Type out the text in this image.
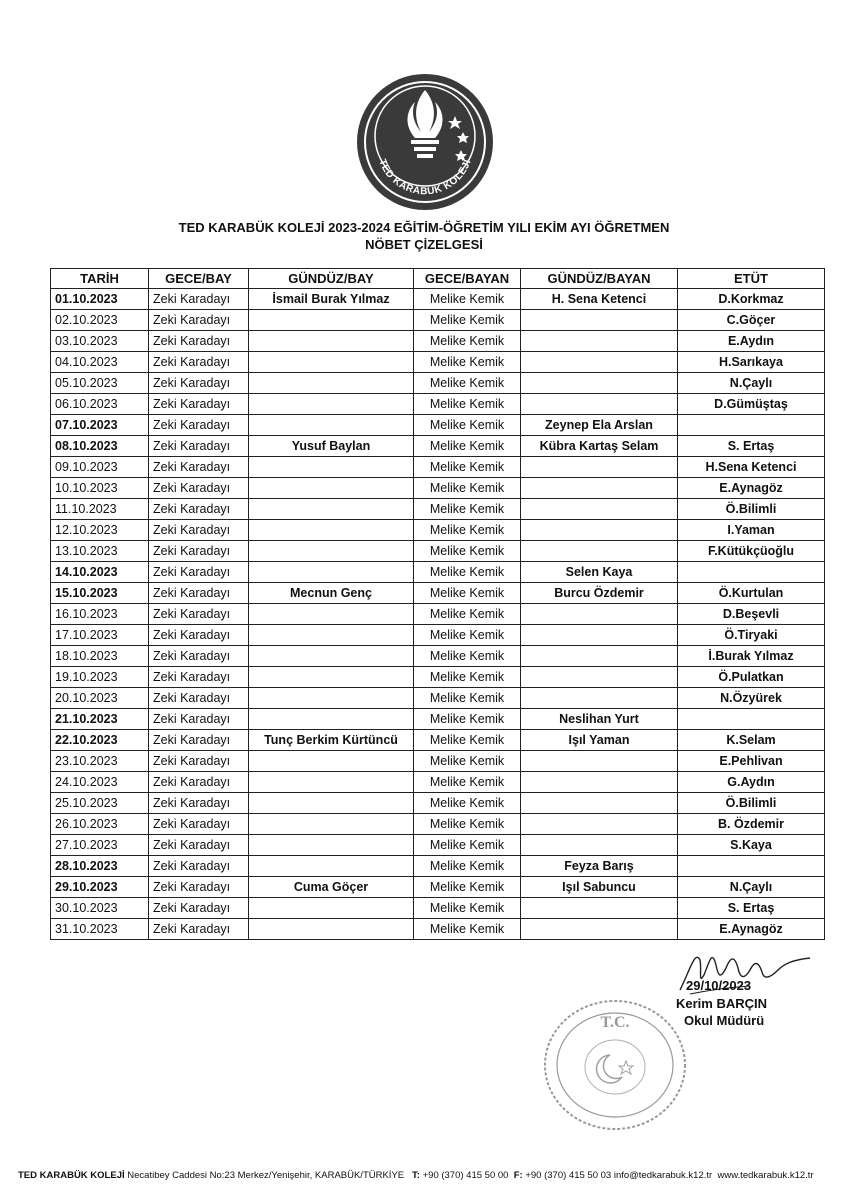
TED KARABÜK KOLEJİ
TED KARABÜK KOLEJİ 2023-2024 EĞİTİM-ÖĞRETİM YILI EKİM AYI ÖĞRETMEN
NÖBET ÇİZELGESİ
TARİH	GECE/BAY	GÜNDÜZ/BAY	GECE/BAYAN	GÜNDÜZ/BAYAN	ETÜT
01.10.2023	Zeki Karadayı	İsmail Burak Yılmaz	Melike Kemik	H. Sena Ketenci	D.Korkmaz
02.10.2023	Zeki Karadayı		Melike Kemik		C.Göçer
03.10.2023	Zeki Karadayı		Melike Kemik		E.Aydın
04.10.2023	Zeki Karadayı		Melike Kemik		H.Sarıkaya
05.10.2023	Zeki Karadayı		Melike Kemik		N.Çaylı
06.10.2023	Zeki Karadayı		Melike Kemik		D.Gümüştaş
07.10.2023	Zeki Karadayı		Melike Kemik	Zeynep Ela Arslan	
08.10.2023	Zeki Karadayı	Yusuf Baylan	Melike Kemik	Kübra Kartaş Selam	S. Ertaş
09.10.2023	Zeki Karadayı		Melike Kemik		H.Sena Ketenci
10.10.2023	Zeki Karadayı		Melike Kemik		E.Aynagöz
11.10.2023	Zeki Karadayı		Melike Kemik		Ö.Bilimli
12.10.2023	Zeki Karadayı		Melike Kemik		I.Yaman
13.10.2023	Zeki Karadayı		Melike Kemik		F.Kütükçüoğlu
14.10.2023	Zeki Karadayı		Melike Kemik	Selen Kaya	
15.10.2023	Zeki Karadayı	Mecnun Genç	Melike Kemik	Burcu Özdemir	Ö.Kurtulan
16.10.2023	Zeki Karadayı		Melike Kemik		D.Beşevli
17.10.2023	Zeki Karadayı		Melike Kemik		Ö.Tiryaki
18.10.2023	Zeki Karadayı		Melike Kemik		İ.Burak Yılmaz
19.10.2023	Zeki Karadayı		Melike Kemik		Ö.Pulatkan
20.10.2023	Zeki Karadayı		Melike Kemik		N.Özyürek
21.10.2023	Zeki Karadayı		Melike Kemik	Neslihan Yurt	
22.10.2023	Zeki Karadayı	Tunç Berkim Kürtüncü	Melike Kemik	Işıl Yaman	K.Selam
23.10.2023	Zeki Karadayı		Melike Kemik		E.Pehlivan
24.10.2023	Zeki Karadayı		Melike Kemik		G.Aydın
25.10.2023	Zeki Karadayı		Melike Kemik		Ö.Bilimli
26.10.2023	Zeki Karadayı		Melike Kemik		B. Özdemir
27.10.2023	Zeki Karadayı		Melike Kemik		S.Kaya
28.10.2023	Zeki Karadayı		Melike Kemik	Feyza Barış	
29.10.2023	Zeki Karadayı	Cuma Göçer	Melike Kemik	Işıl Sabuncu	N.Çaylı
30.10.2023	Zeki Karadayı		Melike Kemik		S. Ertaş
31.10.2023	Zeki Karadayı		Melike Kemik		E.Aynagöz
29/10/2023
Kerim BARÇIN
Okul Müdürü
T.C.
TED KARABÜK KOLEJİ Necatibey Caddesi No:23 Merkez/Yenişehir, KARABÜK/TÜRKİYE T: +90 (370) 415 50 00 F: +90 (370) 415 50 03 info@tedkarabuk.k12.tr www.tedkarabuk.k12.tr
